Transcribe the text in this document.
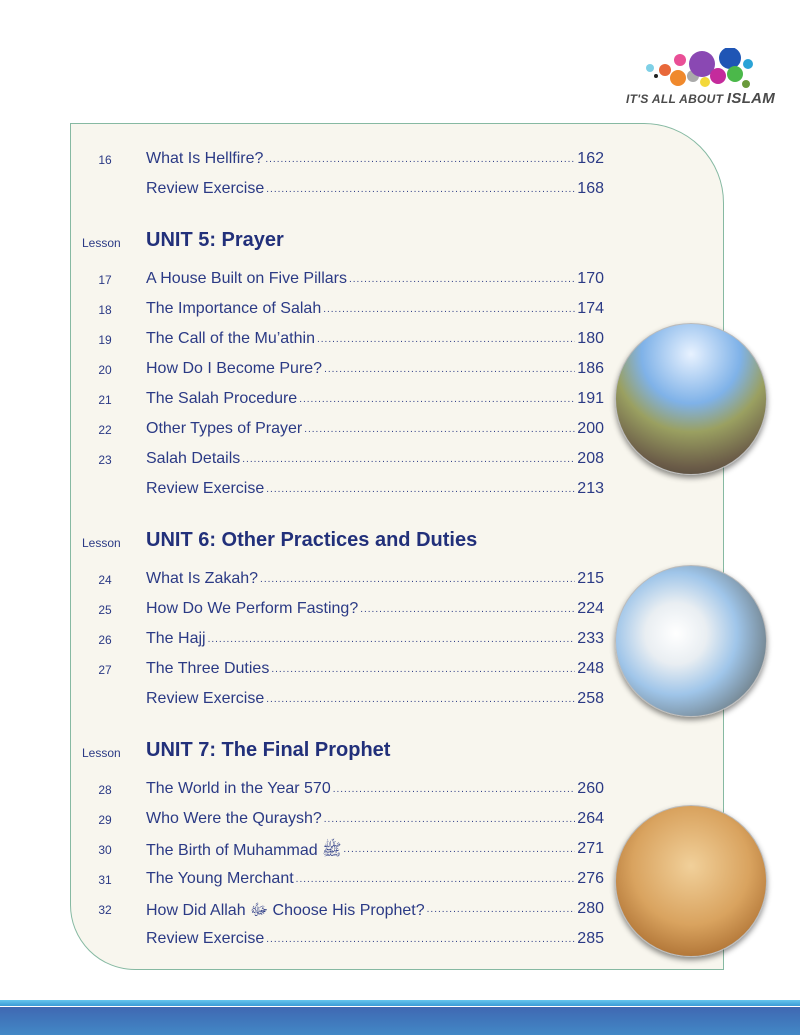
IT'S ALL ABOUT ISLAM
16	What Is Hellfire? .....	162
Review Exercise .....	168
Lesson UNIT 5: Prayer
17	A House Built on Five Pillars .....	170
18	The Importance of Salah .....	174
19	The Call of the Mu’athin .....	180
20	How Do I Become Pure? .....	186
21	The Salah Procedure .....	191
22	Other Types of Prayer .....	200
23	Salah Details .....	208
Review Exercise .....	213
Lesson UNIT 6: Other Practices and Duties
24	What Is Zakah? .....	215
25	How Do We Perform Fasting? .....	224
26	The Hajj .....	233
27	The Three Duties .....	248
Review Exercise .....	258
Lesson UNIT 7: The Final Prophet
28	The World in the Year 570 .....	260
29	Who Were the Quraysh? .....	264
30	The Birth of Muhammad ﷺ .....	271
31	The Young Merchant .....	276
32	How Did Allah ﷻ Choose His Prophet? .....	280
Review Exercise .....	285
